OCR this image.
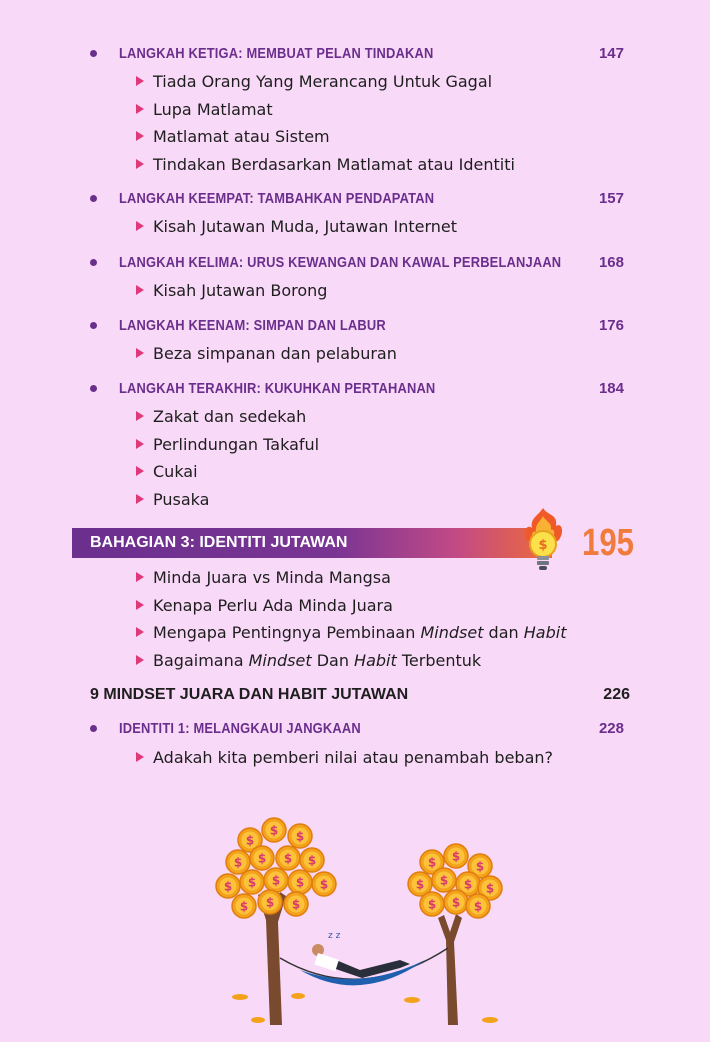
LANGKAH KETIGA: MEMBUAT PELAN TINDAKAN	147
Tiada Orang Yang Merancang Untuk Gagal
Lupa Matlamat
Matlamat atau Sistem
Tindakan Berdasarkan Matlamat atau Identiti
LANGKAH KEEMPAT: TAMBAHKAN PENDAPATAN	157
Kisah Jutawan Muda, Jutawan Internet
LANGKAH KELIMA: URUS KEWANGAN DAN KAWAL PERBELANJAAN	168
Kisah Jutawan Borong
LANGKAH KEENAM: SIMPAN DAN LABUR	176
Beza simpanan dan pelaburan
LANGKAH TERAKHIR: KUKUHKAN PERTAHANAN	184
Zakat dan sedekah
Perlindungan Takaful
Cukai
Pusaka
BAHAGIAN 3: IDENTITI JUTAWAN	$ 195
Minda Juara vs Minda Mangsa
Kenapa Perlu Ada Minda Juara
Mengapa Pentingnya Pembinaan Mindset dan Habit
Bagaimana Mindset Dan Habit Terbentuk
9 MINDSET JUARA DAN HABIT JUTAWAN	226
IDENTITI 1: MELANGKAUI JANGKAAN	228
Adakah kita pemberi nilai atau penambah beban?
$
z z
